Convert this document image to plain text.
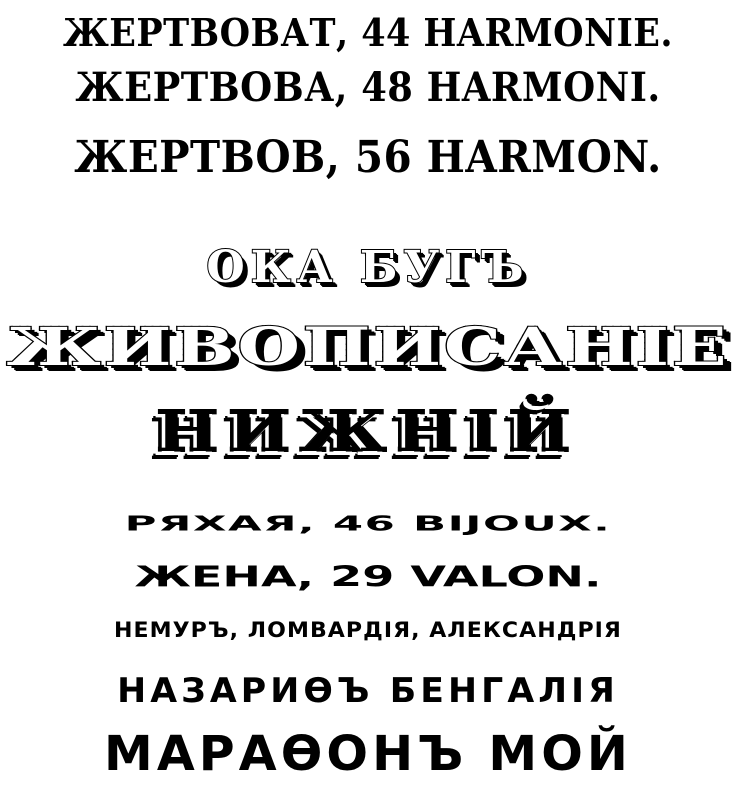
ЖЕРТВОВАТ, 44 HARMONIE.
ЖЕРТВОВА, 48 HARMONI.
ЖЕРТВОВ, 56 HARMON.
ОКА БУГЪ
ЖИВОПИСАНІЕ
НИЖНІЙ
РЯХАЯ, 46 BIJOUX.
ЖЕНА, 29 VALON.
НЕМУРЪ, ЛОМВАРДІЯ, АЛЕКСАНДРІЯ
НАЗАРИѲЪ БЕНГАЛІЯ
МАРАѲОНЪ МОЙ
